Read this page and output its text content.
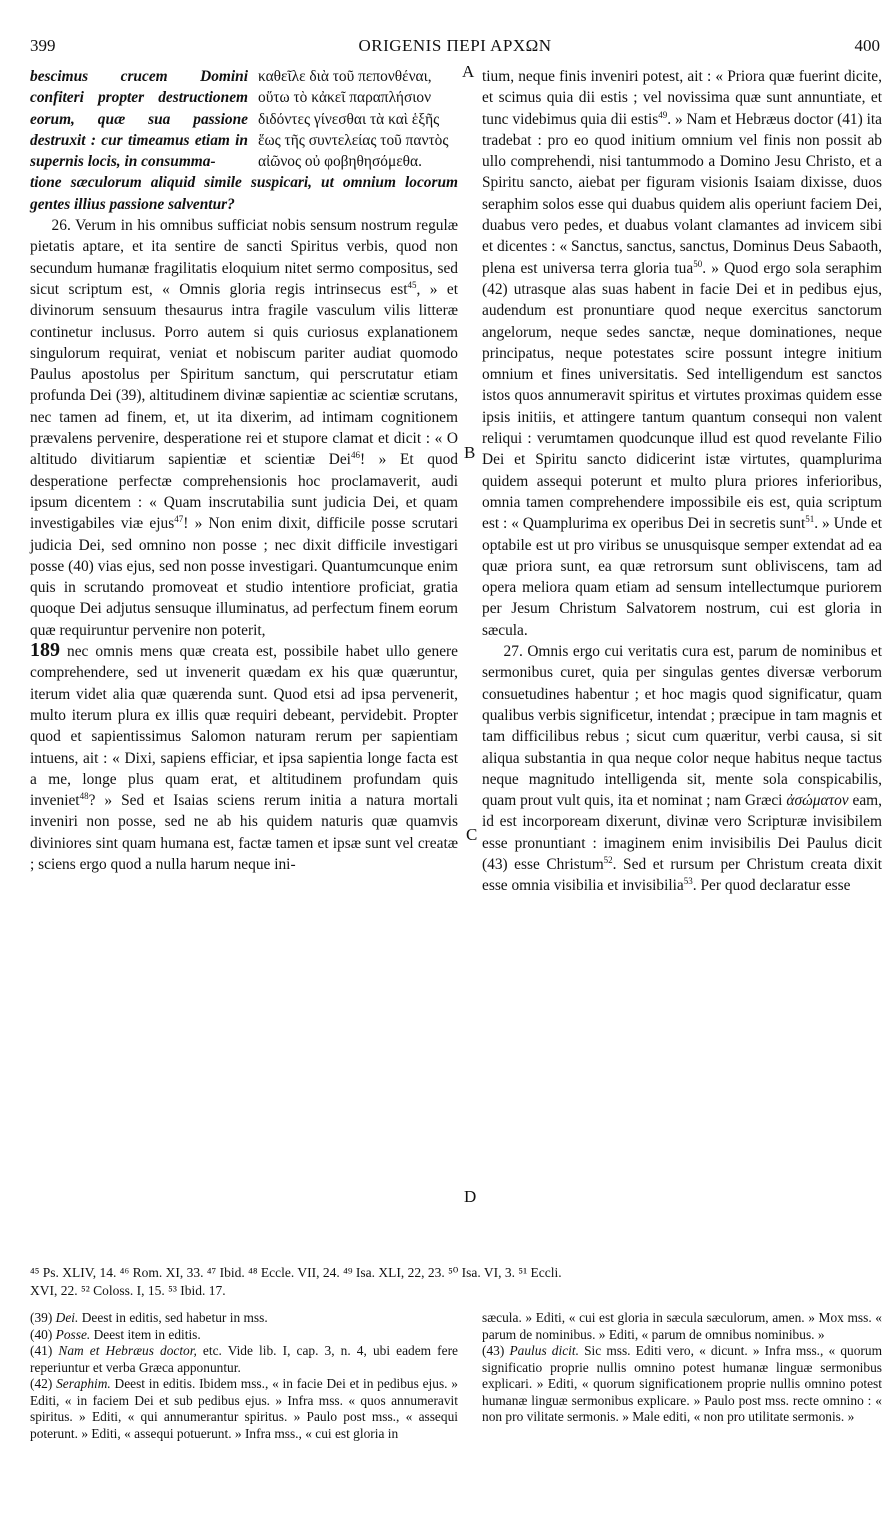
399	ORIGENIS ΠΕΡΙ ΑΡΧΩΝ	400
A
B
C
D
bescimus crucem Domini confiteri propter destructionem eorum, quæ sua passione destruxit : cur timeamus etiam in supernis locis, in consumma-
καθεῖλε διὰ τοῦ πεπονθέναι, οὕτω τὸ κἀκεῖ παραπλήσιον διδόντες γίνεσθαι τὰ καὶ ἑξῆς ἕως τῆς συντελείας τοῦ παντὸς αἰῶνος οὐ φοβηθησόμεθα.

tione sæculorum aliquid simile suspicari, ut omnium locorum gentes illius passione salventur?

26. Verum in his omnibus sufficiat nobis sensum nostrum regulæ pietatis aptare, et ita sentire de sancti Spiritus verbis, quod non secundum humanæ fragilitatis eloquium nitet sermo compositus, sed sicut scriptum est, « Omnis gloria regis intrinsecus est$^{45}$, » et divinorum sensuum thesaurus intra fragile vasculum vilis litteræ continetur inclusus. Porro autem si quis curiosus explanationem singulorum requirat, veniat et nobiscum pariter audiat quomodo Paulus apostolus per Spiritum sanctum, qui perscrutatur etiam profunda Dei (39), altitudinem divinæ sapientiæ ac scientiæ scrutans, nec tamen ad finem, et, ut ita dixerim, ad intimam cognitionem prævalens pervenire, desperatione rei et stupore clamat et dicit : « O altitudo divitiarum sapientiæ et scientiæ Dei$^{46}$! » Et quod desperatione perfectæ comprehensionis hoc proclamaverit, audi ipsum dicentem : « Quam inscrutabilia sunt judicia Dei, et quam investigabiles viæ ejus$^{47}$! » Non enim dixit, difficile posse scrutari judicia Dei, sed omnino non posse ; nec dixit difficile investigari posse (40) vias ejus, sed non posse investigari. Quantumcunque enim quis in scrutando promoveat et studio intentiore proficiat, gratia quoque Dei adjutus sensuque illuminatus, ad perfectum finem eorum quæ requiruntur pervenire non poterit,
189 nec omnis mens quæ creata est, possibile habet ullo genere comprehendere, sed ut invenerit quædam ex his quæ quæruntur, iterum videt alia quæ quærenda sunt. Quod etsi ad ipsa pervenerit, multo iterum plura ex illis quæ requiri debeant, pervidebit. Propter quod et sapientissimus Salomon naturam rerum per sapientiam intuens, ait : « Dixi, sapiens efficiar, et ipsa sapientia longe facta est a me, longe plus quam erat, et altitudinem profundam quis inveniet$^{48}$? » Sed et Isaias sciens rerum initia a natura mortali inveniri non posse, sed ne ab his quidem naturis quæ quamvis diviniores sint quam humana est, factæ tamen et ipsæ sunt vel creatæ ; sciens ergo quod a nulla harum neque ini-

tium, neque finis inveniri potest, ait : « Priora quæ fuerint dicite, et scimus quia dii estis ; vel novissima quæ sunt annuntiate, et tunc videbimus quia dii estis$^{49}$. » Nam et Hebræus doctor (41) ita tradebat : pro eo quod initium omnium vel finis non possit ab ullo comprehendi, nisi tantummodo a Domino Jesu Christo, et a Spiritu sancto, aiebat per figuram visionis Isaiam dixisse, duos seraphim solos esse qui duabus quidem alis operiunt faciem Dei, duabus vero pedes, et duabus volant clamantes ad invicem sibi et dicentes : « Sanctus, sanctus, sanctus, Dominus Deus Sabaoth, plena est universa terra gloria tua$^{50}$. » Quod ergo sola seraphim (42) utrasque alas suas habent in facie Dei et in pedibus ejus, audendum est pronuntiare quod neque exercitus sanctorum angelorum, neque sedes sanctæ, neque dominationes, neque principatus, neque potestates scire possunt integre initium omnium et fines universitatis. Sed intelligendum est sanctos istos quos annumeravit spiritus et virtutes proximas quidem esse ipsis initiis, et attingere tantum quantum consequi non valent reliqui : verumtamen quodcunque illud est quod revelante Filio Dei et Spiritu sancto didicerint istæ virtutes, quamplurima quidem assequi poterunt et multo plura priores inferioribus, omnia tamen comprehendere impossibile eis est, quia scriptum est : « Quamplurima ex operibus Dei in secretis sunt$^{51}$. » Unde et optabile est ut pro viribus se unusquisque semper extendat ad ea quæ priora sunt, ea quæ retrorsum sunt obliviscens, tam ad opera meliora quam etiam ad sensum intellectumque puriorem per Jesum Christum Salvatorem nostrum, cui est gloria in sæcula.

27. Omnis ergo cui veritatis cura est, parum de nominibus et sermonibus curet, quia per singulas gentes diversæ verborum consuetudines habentur ; et hoc magis quod significatur, quam qualibus verbis significetur, intendat ; præcipue in tam magnis et tam difficilibus rebus ; sicut cum quæritur, verbi causa, si sit aliqua substantia in qua neque color neque habitus neque tactus neque magnitudo intelligenda sit, mente sola conspicabilis, quam prout vult quis, ita et nominat ; nam Græci ἀσώματον eam, id est incorpoream dixerunt, divinæ vero Scripturæ invisibilem esse pronuntiant : imaginem enim invisibilis Dei Paulus dicit (43) esse Christum$^{52}$. Sed et rursum per Christum creata dixit esse omnia visibilia et invisibilia$^{53}$. Per quod declaratur esse

⁴⁵ Ps. XLIV, 14. ⁴⁶ Rom. XI, 33. ⁴⁷ Ibid. ⁴⁸ Eccle. VII, 24. ⁴⁹ Isa. XLI, 22, 23. ⁵⁰ Isa. VI, 3. ⁵¹ Eccli.

XVI, 22. ⁵² Coloss. I, 15. ⁵³ Ibid. 17.

(39) Dei. Deest in editis, sed habetur in mss.

(40) Posse. Deest item in editis.

(41) Nam et Hebræus doctor, etc. Vide lib. I, cap. 3, n. 4, ubi eadem fere reperiuntur et verba Græca apponuntur.

(42) Seraphim. Deest in editis. Ibidem mss., « in facie Dei et in pedibus ejus. » Editi, « in faciem Dei et sub pedibus ejus. » Infra mss. « quos annumeravit spiritus. » Editi, « qui annumerantur spiritus. » Paulo post mss., « assequi poterunt. » Editi, « assequi potuerunt. » Infra mss., « cui est gloria in

sæcula. » Editi, « cui est gloria in sæcula sæculorum, amen. » Mox mss. « parum de nominibus. » Editi, « parum de omnibus nominibus. »

(43) Paulus dicit. Sic mss. Editi vero, « dicunt. » Infra mss., « quorum significatio proprie nullis omnino potest humanæ linguæ sermonibus explicari. » Editi, « quorum significationem proprie nullis omnino potest humanæ linguæ sermonibus explicare. » Paulo post mss. recte omnino : « non pro vilitate sermonis. » Male editi, « non pro utilitate sermonis. »
